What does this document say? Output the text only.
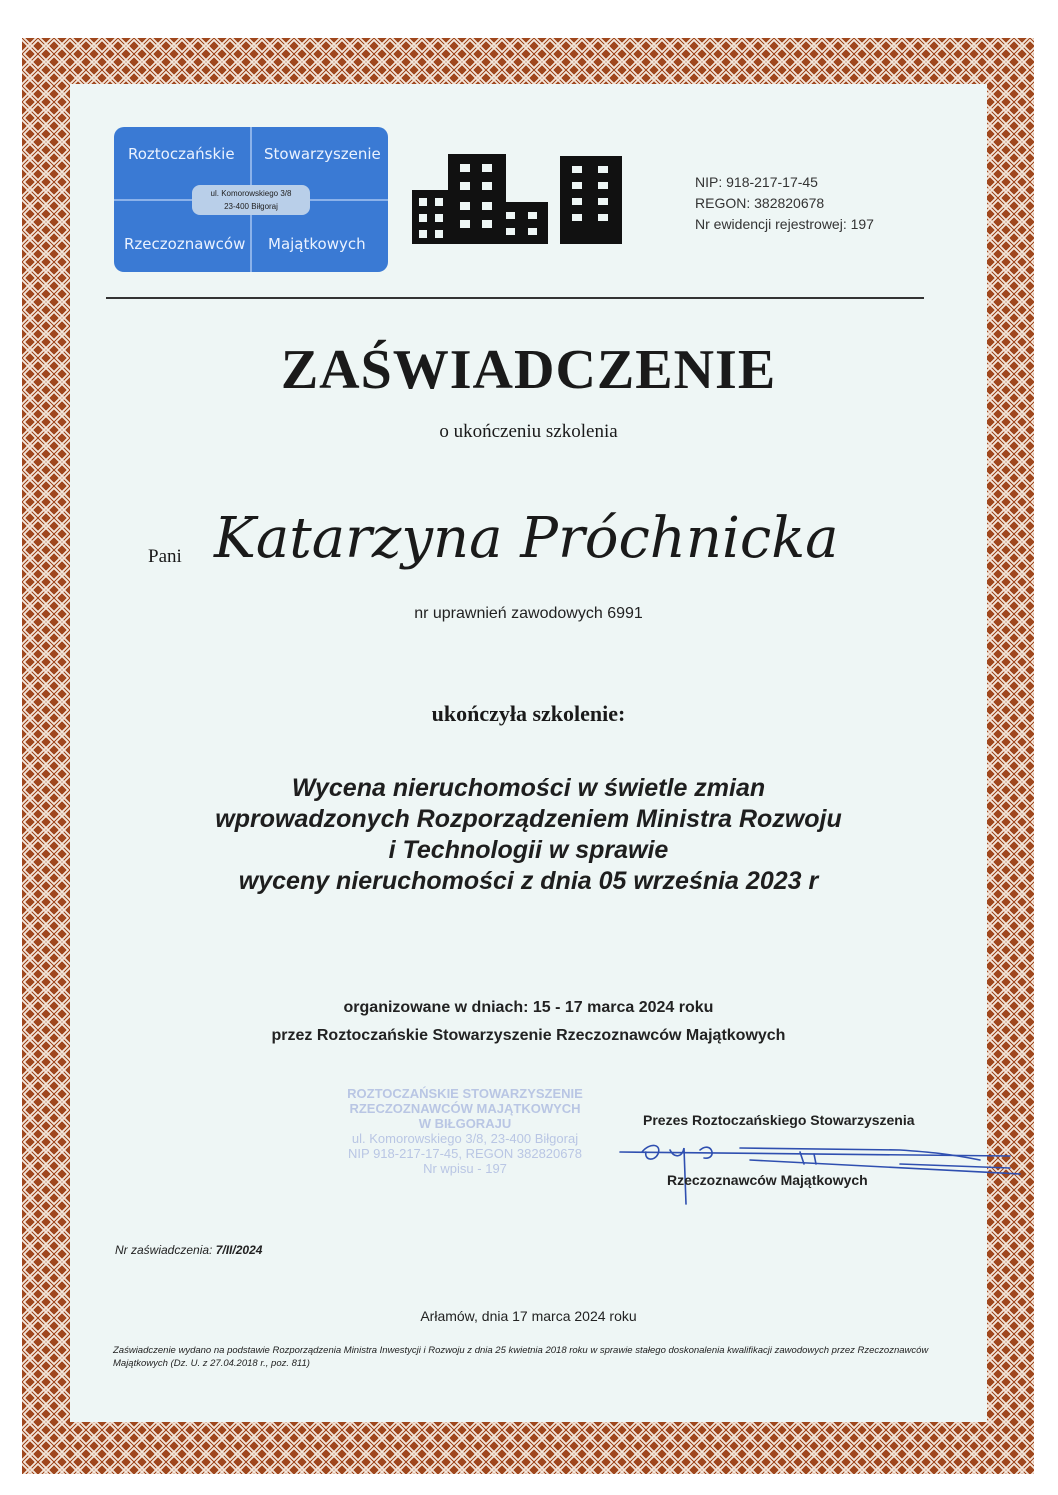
Roztoczańskie Stowarzyszenie
Rzeczoznawców Majątkowych
ul. Komorowskiego 3/8
23-400 Biłgoraj
NIP: 918-217-17-45
REGON: 382820678
Nr ewidencji rejestrowej: 197
ZAŚWIADCZENIE
o ukończeniu szkolenia
Pani Katarzyna Próchnicka
nr uprawnień zawodowych 6991
ukończyła szkolenie:
Wycena nieruchomości w świetle zmian
wprowadzonych Rozporządzeniem Ministra Rozwoju
i Technologii w sprawie
wyceny nieruchomości z dnia 05 września 2023 r
organizowane w dniach: 15 - 17 marca 2024 roku
przez Roztoczańskie Stowarzyszenie Rzeczoznawców Majątkowych
ROZTOCZAŃSKIE STOWARZYSZENIE
RZECZOZNAWCÓW MAJĄTKOWYCH
W BIŁGORAJU
ul. Komorowskiego 3/8, 23-400 Biłgoraj
NIP 918-217-17-45, REGON 382820678
Nr wpisu - 197
Prezes Roztoczańskiego Stowarzyszenia
Rzeczoznawców Majątkowych
Nr zaświadczenia: 7/II/2024
Arłamów, dnia 17 marca 2024 roku
Zaświadczenie wydano na podstawie Rozporządzenia Ministra Inwestycji i Rozwoju z dnia 25 kwietnia 2018 roku w sprawie stałego doskonalenia kwalifikacji zawodowych przez Rzeczoznawców Majątkowych (Dz. U. z 27.04.2018 r., poz. 811)
